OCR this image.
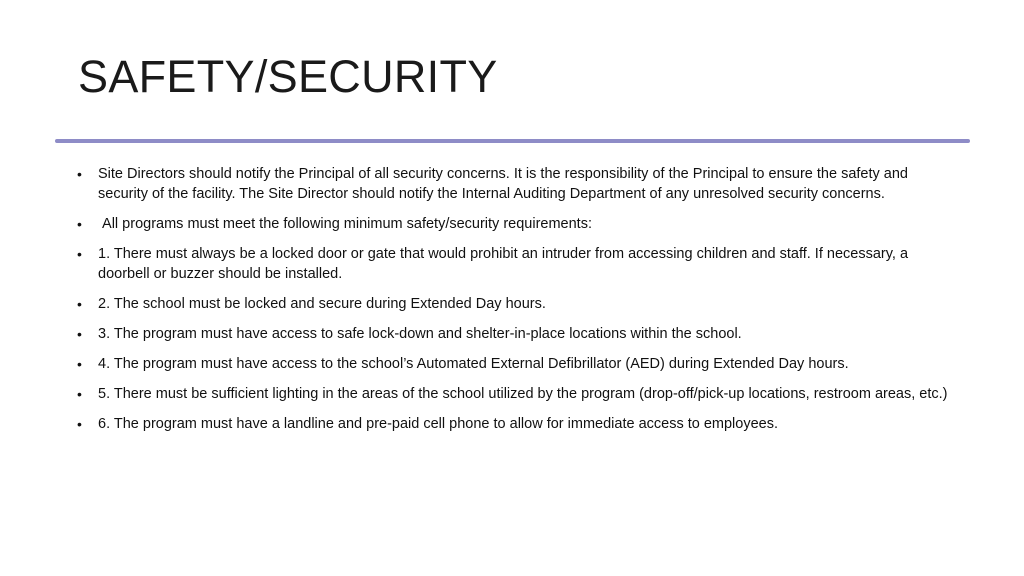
SAFETY/SECURITY
•	Site Directors should notify the Principal of all security concerns. It is the responsibility of the Principal to ensure the safety and security of the facility. The Site Director should notify the Internal Auditing Department of any unresolved security concerns.
•	All programs must meet the following minimum safety/security requirements:
•	1. There must always be a locked door or gate that would prohibit an intruder from accessing children and staff. If necessary, a doorbell or buzzer should be installed.
•	2. The school must be locked and secure during Extended Day hours.
•	3. The program must have access to safe lock-down and shelter-in-place locations within the school.
•	4. The program must have access to the school’s Automated External Defibrillator (AED) during Extended Day hours.
•	5. There must be sufficient lighting in the areas of the school utilized by the program (drop-off/pick-up locations, restroom areas, etc.)
•	6. The program must have a landline and pre-paid cell phone to allow for immediate access to employees.
